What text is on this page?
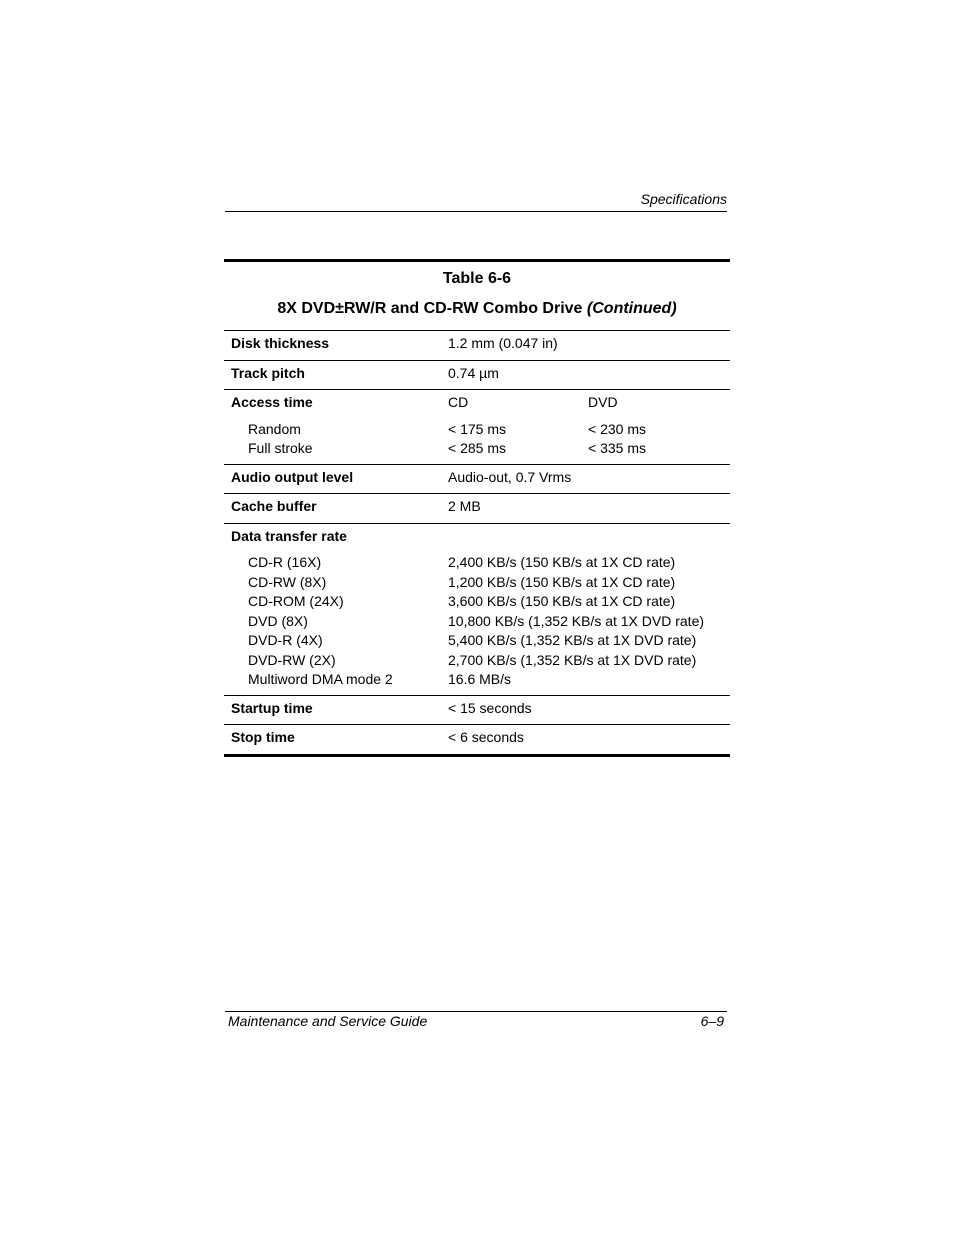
Specifications
Table 6-6
8X DVD±RW/R and CD-RW Combo Drive (Continued)
Disk thickness	1.2 mm (0.047 in)
Track pitch	0.74 µm
Access time	CD	DVD
Random	< 175 ms	< 230 ms
Full stroke	< 285 ms	< 335 ms
Audio output level	Audio-out, 0.7 Vrms
Cache buffer	2 MB
Data transfer rate
CD-R (16X)	2,400 KB/s (150 KB/s at 1X CD rate)
CD-RW (8X)	1,200 KB/s (150 KB/s at 1X CD rate)
CD-ROM (24X)	3,600 KB/s (150 KB/s at 1X CD rate)
DVD (8X)	10,800 KB/s (1,352 KB/s at 1X DVD rate)
DVD-R (4X)	5,400 KB/s (1,352 KB/s at 1X DVD rate)
DVD-RW (2X)	2,700 KB/s (1,352 KB/s at 1X DVD rate)
Multiword DMA mode 2	16.6 MB/s
Startup time	< 15 seconds
Stop time	< 6 seconds
Maintenance and Service Guide	6–9
